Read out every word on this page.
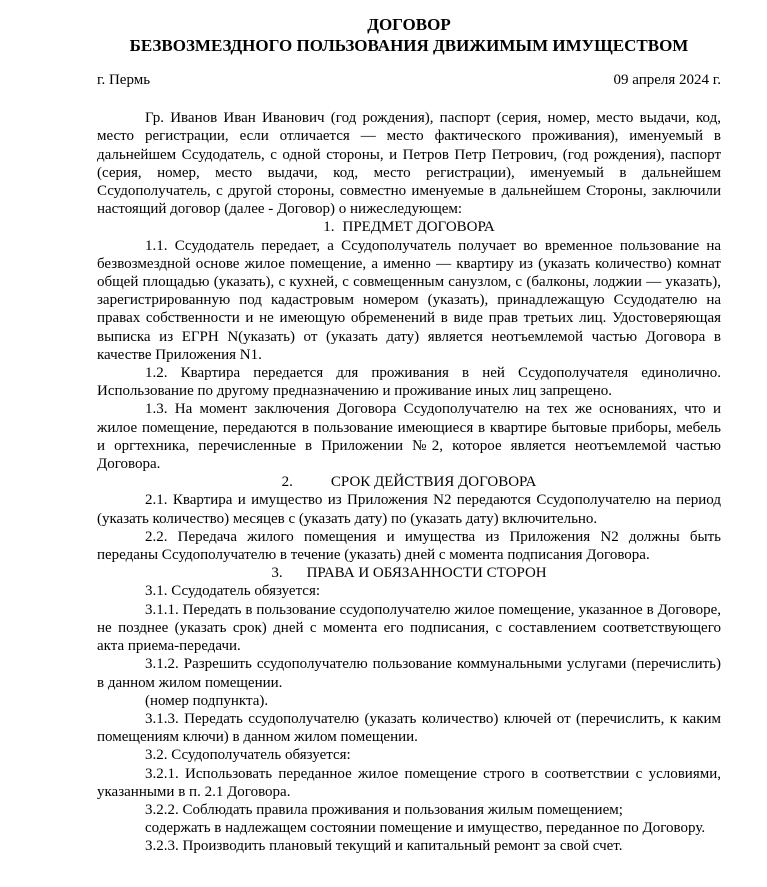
ДОГОВОР

БЕЗВОЗМЕЗДНОГО ПОЛЬЗОВАНИЯ ДВИЖИМЫМ ИМУЩЕСТВОМ

г. Пермь	09 апреля 2024 г.

Гр. Иванов Иван Иванович (год рождения), паспорт (серия, номер, место выдачи, код, место регистрации, если отличается — место фактического проживания), именуемый в дальнейшем Ссудодатель, с одной стороны, и Петров Петр Петрович, (год рождения), паспорт (серия, номер, место выдачи, код, место регистрации), именуемый в дальнейшем Ссудополучатель, с другой стороны, совместно именуемые в дальнейшем Стороны, заключили настоящий договор (далее - Договор) о нижеследующем:

1. ПРЕДМЕТ ДОГОВОРА

1.1. Ссудодатель передает, а Ссудополучатель получает во временное пользование на безвозмездной основе жилое помещение, а именно — квартиру из (указать количество) комнат общей площадью (указать), с кухней, с совмещенным санузлом, с (балконы, лоджии — указать), зарегистрированную под кадастровым номером (указать), принадлежащую Ссудодателю на правах собственности и не имеющую обременений в виде прав третьих лиц. Удостоверяющая выписка из ЕГРН N(указать) от (указать дату) является неотъемлемой частью Договора в качестве Приложения N1.

1.2. Квартира передается для проживания в ней Ссудополучателя единолично. Использование по другому предназначению и проживание иных лиц запрещено.

1.3. На момент заключения Договора Ссудополучателю на тех же основаниях, что и жилое помещение, передаются в пользование имеющиеся в квартире бытовые приборы, мебель и оргтехника, перечисленные в Приложении №2, которое является неотъемлемой частью Договора.

2.	СРОК ДЕЙСТВИЯ ДОГОВОРА

2.1. Квартира и имущество из Приложения N2 передаются Ссудополучателю на период (указать количество) месяцев с (указать дату) по (указать дату) включительно.

2.2. Передача жилого помещения и имущества из Приложения N2 должны быть переданы Ссудополучателю в течение (указать) дней с момента подписания Договора.

3. ПРАВА И ОБЯЗАННОСТИ СТОРОН

3.1. Ссудодатель обязуется:

3.1.1. Передать в пользование ссудополучателю жилое помещение, указанное в Договоре, не позднее (указать срок) дней с момента его подписания, с составлением соответствующего акта приема-передачи.

3.1.2. Разрешить ссудополучателю пользование коммунальными услугами (перечислить) в данном жилом помещении.

(номер подпункта).

3.1.3. Передать ссудополучателю (указать количество) ключей от (перечислить, к каким помещениям ключи) в данном жилом помещении.

3.2. Ссудополучатель обязуется:

3.2.1. Использовать переданное жилое помещение строго в соответствии с условиями, указанными в п. 2.1 Договора.

3.2.2. Соблюдать правила проживания и пользования жилым помещением;

содержать в надлежащем состоянии помещение и имущество, переданное по Договору.

3.2.3. Производить плановый текущий и капитальный ремонт за свой счет.
